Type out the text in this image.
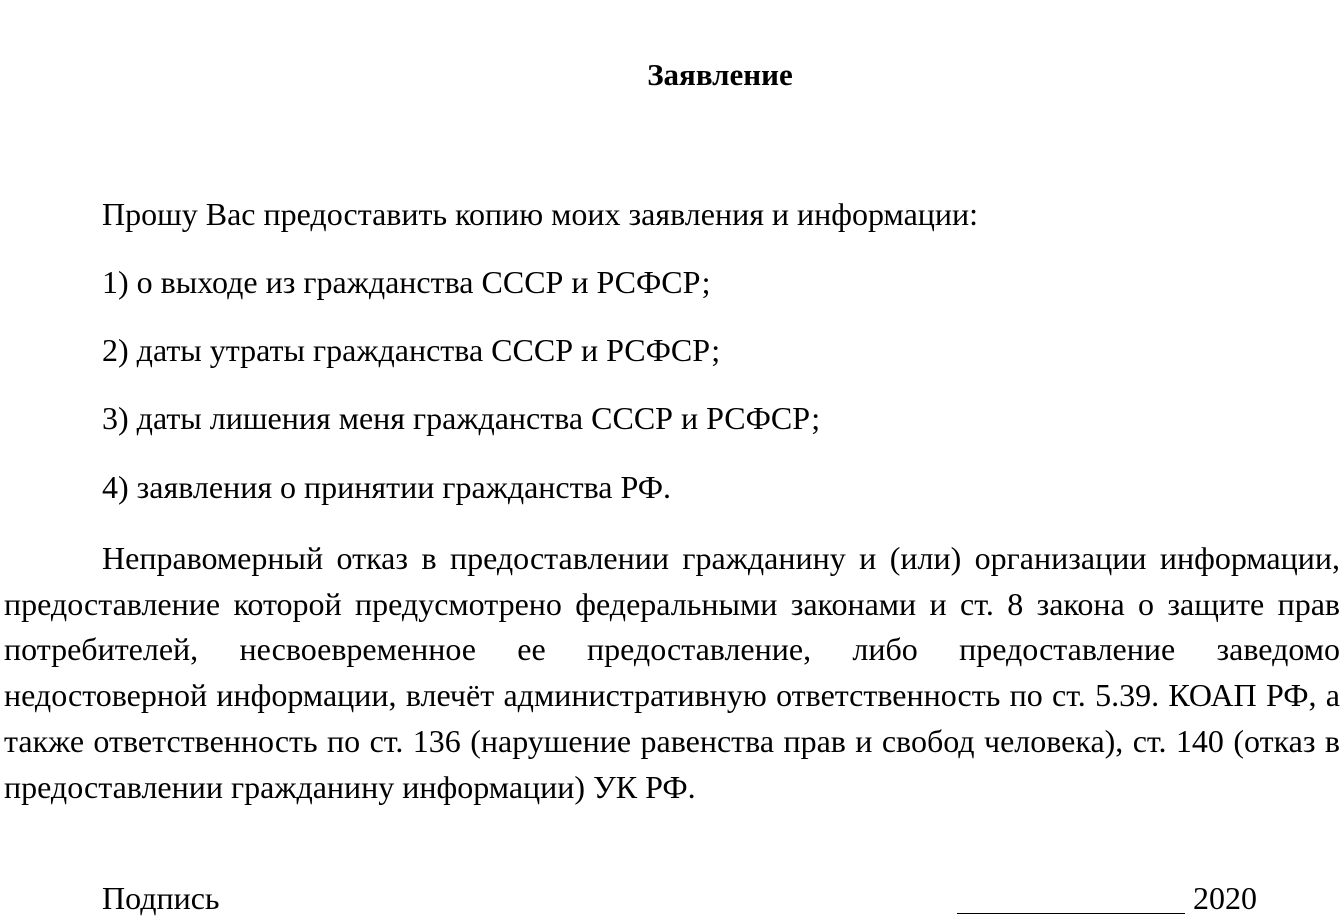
Заявление

Прошу Вас предоставить копию моих заявления и информации:

1) о выходе из гражданства СССР и РСФСР;

2) даты утраты гражданства СССР и РСФСР;

3) даты лишения меня гражданства СССР и РСФСР;

4) заявления о принятии гражданства РФ.

Неправомерный отказ в предоставлении гражданину и (или) организации информации, предоставление которой предусмотрено федеральными законами и ст. 8 закона о защите прав потребителей, несвоевременное ее предоставление, либо предоставление заведомо недостоверной информации, влечёт административную ответственность по ст. 5.39. КОАП РФ, а также ответственность по ст. 136 (нарушение равенства прав и свобод человека), ст. 140 (отказ в предоставлении гражданину информации) УК РФ.

Подпись	2020
